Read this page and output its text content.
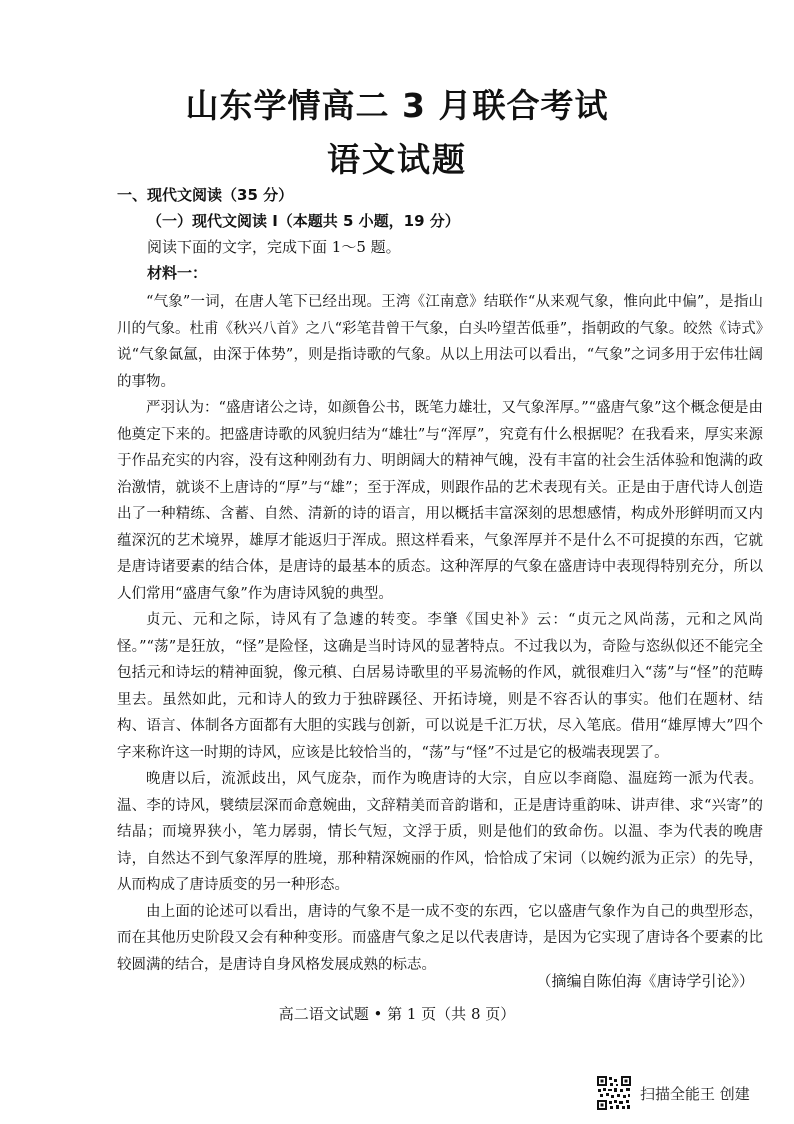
山东学情高二 3 月联合考试
语文试题
一、现代文阅读（35 分）
（一）现代文阅读 I（本题共 5 小题，19 分）
阅读下面的文字，完成下面 1～5 题。
材料一：

“气象”一词，在唐人笔下已经出现。王湾《江南意》结联作“从来观气象，惟向此中偏”，是指山川的气象。杜甫《秋兴八首》之八“彩笔昔曾干气象，白头吟望苦低垂”，指朝政的气象。皎然《诗式》说“气象氤氲，由深于体势”，则是指诗歌的气象。从以上用法可以看出，“气象”之词多用于宏伟壮阔的事物。

严羽认为：“盛唐诸公之诗，如颜鲁公书，既笔力雄壮，又气象浑厚。”“盛唐气象”这个概念便是由他奠定下来的。把盛唐诗歌的风貌归结为“雄壮”与“浑厚”，究竟有什么根据呢？在我看来，厚实来源于作品充实的内容，没有这种刚劲有力、明朗阔大的精神气魄，没有丰富的社会生活体验和饱满的政治激情，就谈不上唐诗的“厚”与“雄”；至于浑成，则跟作品的艺术表现有关。正是由于唐代诗人创造出了一种精练、含蓄、自然、清新的诗的语言，用以概括丰富深刻的思想感情，构成外形鲜明而又内蕴深沉的艺术境界，雄厚才能返归于浑成。照这样看来，气象浑厚并不是什么不可捉摸的东西，它就是唐诗诸要素的结合体，是唐诗的最基本的质态。这种浑厚的气象在盛唐诗中表现得特别充分，所以人们常用“盛唐气象”作为唐诗风貌的典型。

贞元、元和之际，诗风有了急遽的转变。李肇《国史补》云：“贞元之风尚荡，元和之风尚怪。”“荡”是狂放，“怪”是险怪，这确是当时诗风的显著特点。不过我以为，奇险与恣纵似还不能完全包括元和诗坛的精神面貌，像元稹、白居易诗歌里的平易流畅的作风，就很难归入“荡”与“怪”的范畴里去。虽然如此，元和诗人的致力于独辟蹊径、开拓诗境，则是不容否认的事实。他们在题材、结构、语言、体制各方面都有大胆的实践与创新，可以说是千汇万状，尽入笔底。借用“雄厚博大”四个字来称许这一时期的诗风，应该是比较恰当的，“荡”与“怪”不过是它的极端表现罢了。

晚唐以后，流派歧出，风气庞杂，而作为晚唐诗的大宗，自应以李商隐、温庭筠一派为代表。温、李的诗风，襞绩层深而命意婉曲，文辞精美而音韵谐和，正是唐诗重韵味、讲声律、求“兴寄”的结晶；而境界狭小，笔力孱弱，情长气短，文浮于质，则是他们的致命伤。以温、李为代表的晚唐诗，自然达不到气象浑厚的胜境，那种精深婉丽的作风，恰恰成了宋词（以婉约派为正宗）的先导，从而构成了唐诗质变的另一种形态。

由上面的论述可以看出，唐诗的气象不是一成不变的东西，它以盛唐气象作为自己的典型形态，而在其他历史阶段又会有种种变形。而盛唐气象之足以代表唐诗，是因为它实现了唐诗各个要素的比较圆满的结合，是唐诗自身风格发展成熟的标志。

（摘编自陈伯海《唐诗学引论》）
高二语文试题 • 第 1 页（共 8 页）
扫描全能王 创建
